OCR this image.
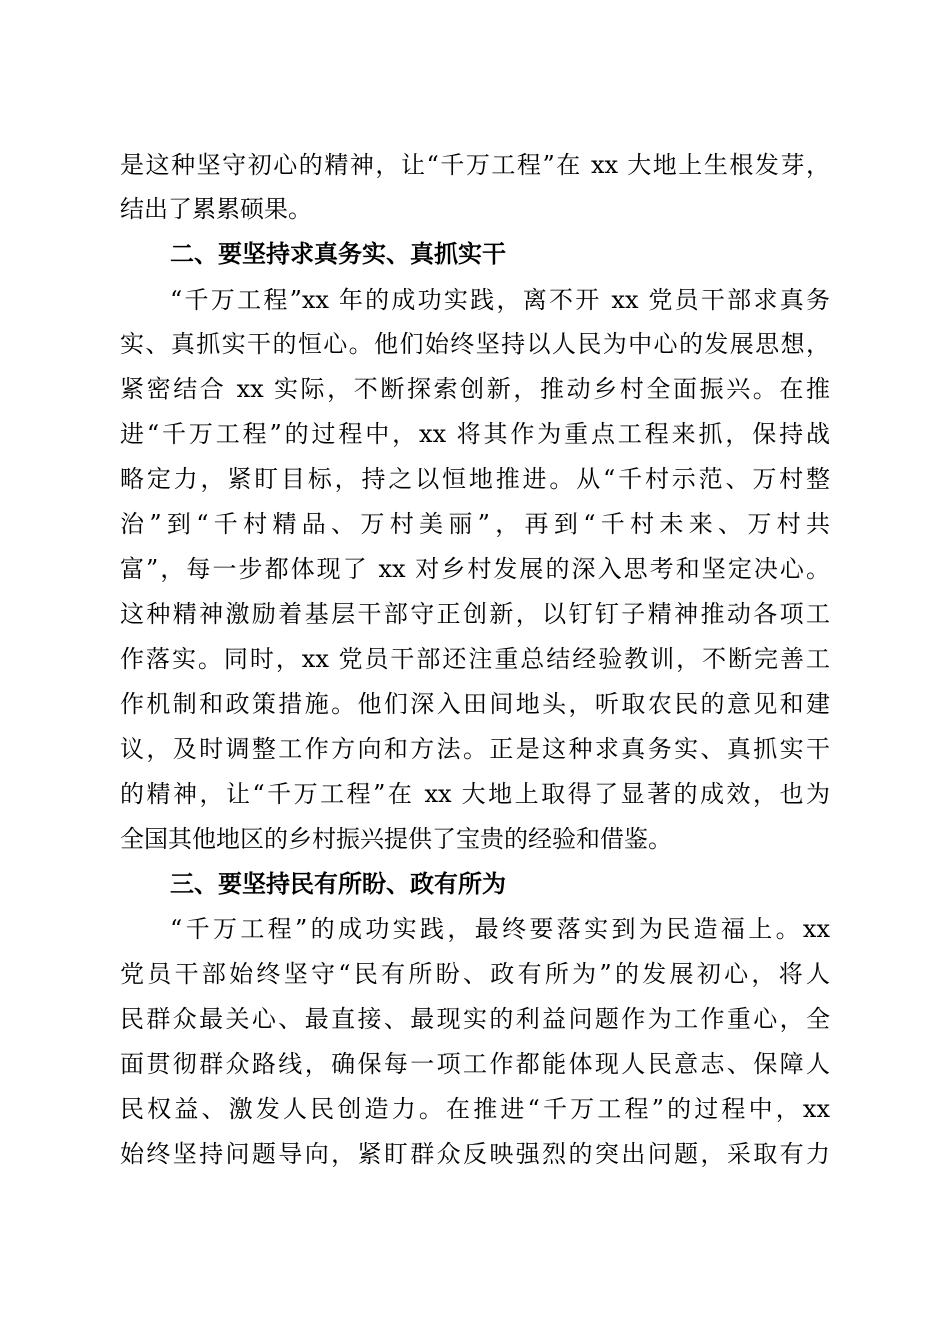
是这种坚守初心的精神，让“千万工程”在 xx 大地上生根发芽，
结出了累累硕果。
二、要坚持求真务实、真抓实干
“千万工程”xx 年的成功实践，离不开 xx 党员干部求真务
实、真抓实干的恒心。他们始终坚持以人民为中心的发展思想，
紧密结合 xx 实际，不断探索创新，推动乡村全面振兴。在推
进“千万工程”的过程中，xx 将其作为重点工程来抓，保持战
略定力，紧盯目标，持之以恒地推进。从“千村示范、万村整
治”到“千村精品、万村美丽”，再到“千村未来、万村共
富”，每一步都体现了 xx 对乡村发展的深入思考和坚定决心。
这种精神激励着基层干部守正创新，以钉钉子精神推动各项工
作落实。同时，xx 党员干部还注重总结经验教训，不断完善工
作机制和政策措施。他们深入田间地头，听取农民的意见和建
议，及时调整工作方向和方法。正是这种求真务实、真抓实干
的精神，让“千万工程”在 xx 大地上取得了显著的成效，也为
全国其他地区的乡村振兴提供了宝贵的经验和借鉴。
三、要坚持民有所盼、政有所为
“千万工程”的成功实践，最终要落实到为民造福上。xx
党员干部始终坚守“民有所盼、政有所为”的发展初心，将人
民群众最关心、最直接、最现实的利益问题作为工作重心，全
面贯彻群众路线，确保每一项工作都能体现人民意志、保障人
民权益、激发人民创造力。在推进“千万工程”的过程中，xx
始终坚持问题导向，紧盯群众反映强烈的突出问题，采取有力
